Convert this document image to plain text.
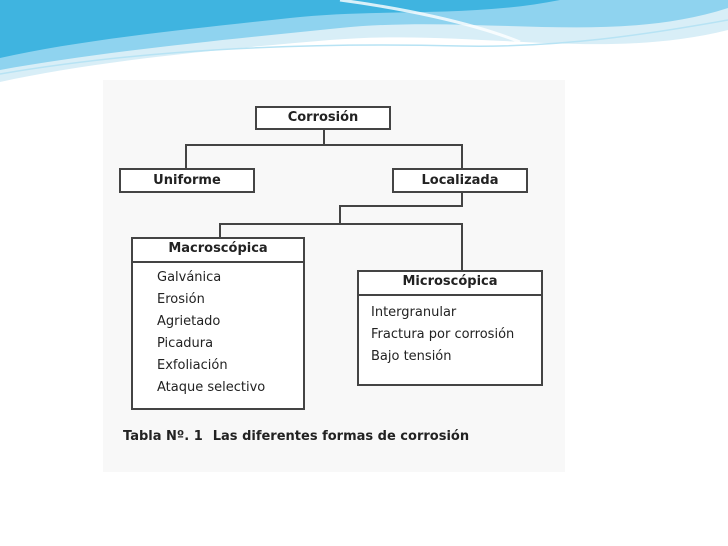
Corrosión
Uniforme	Localizada
Macroscópica
Galvánica
Erosión
Agrietado
Picadura
Exfoliación
Ataque selectivo
Microscópica
Intergranular
Fractura por corrosión
Bajo tensión
Tabla Nº. 1 Las diferentes formas de corrosión
